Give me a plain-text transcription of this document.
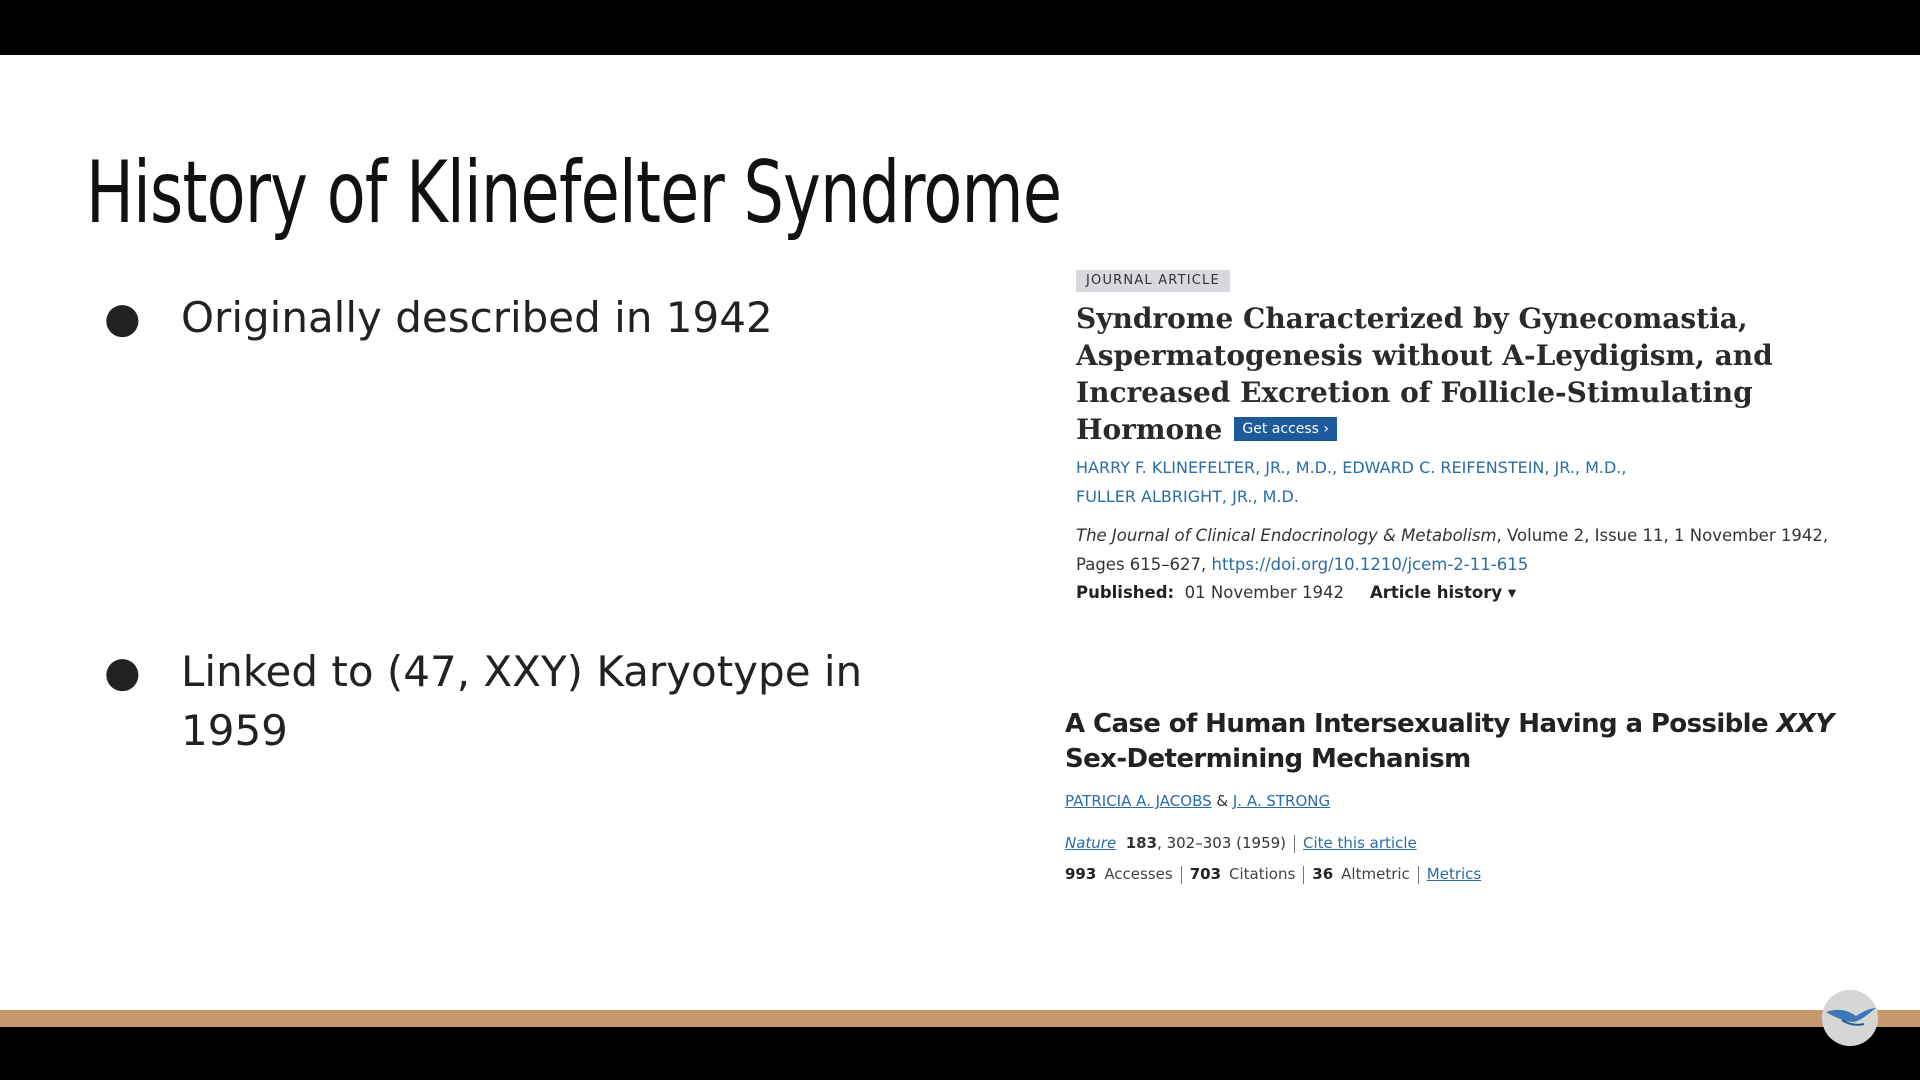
History of Klinefelter Syndrome
● Originally described in 1942
● Linked to (47, XXY) Karyotype in 1959
JOURNAL ARTICLE
Syndrome Characterized by Gynecomastia, Aspermatogenesis without A-Leydigism, and Increased Excretion of Follicle-Stimulating Hormone Get access ›
HARRY F. KLINEFELTER, JR., M.D., EDWARD C. REIFENSTEIN, JR., M.D.,
FULLER ALBRIGHT, JR., M.D.
The Journal of Clinical Endocrinology & Metabolism, Volume 2, Issue 11, 1 November 1942, Pages 615–627, https://doi.org/10.1210/jcem-2-11-615
Published: 01 November 1942 Article history ▾
A Case of Human Intersexuality Having a Possible XXY Sex-Determining Mechanism
PATRICIA A. JACOBS & J. A. STRONG
Nature 183, 302–303 (1959) Cite this article
993 Accesses 703 Citations 36 Altmetric Metrics
